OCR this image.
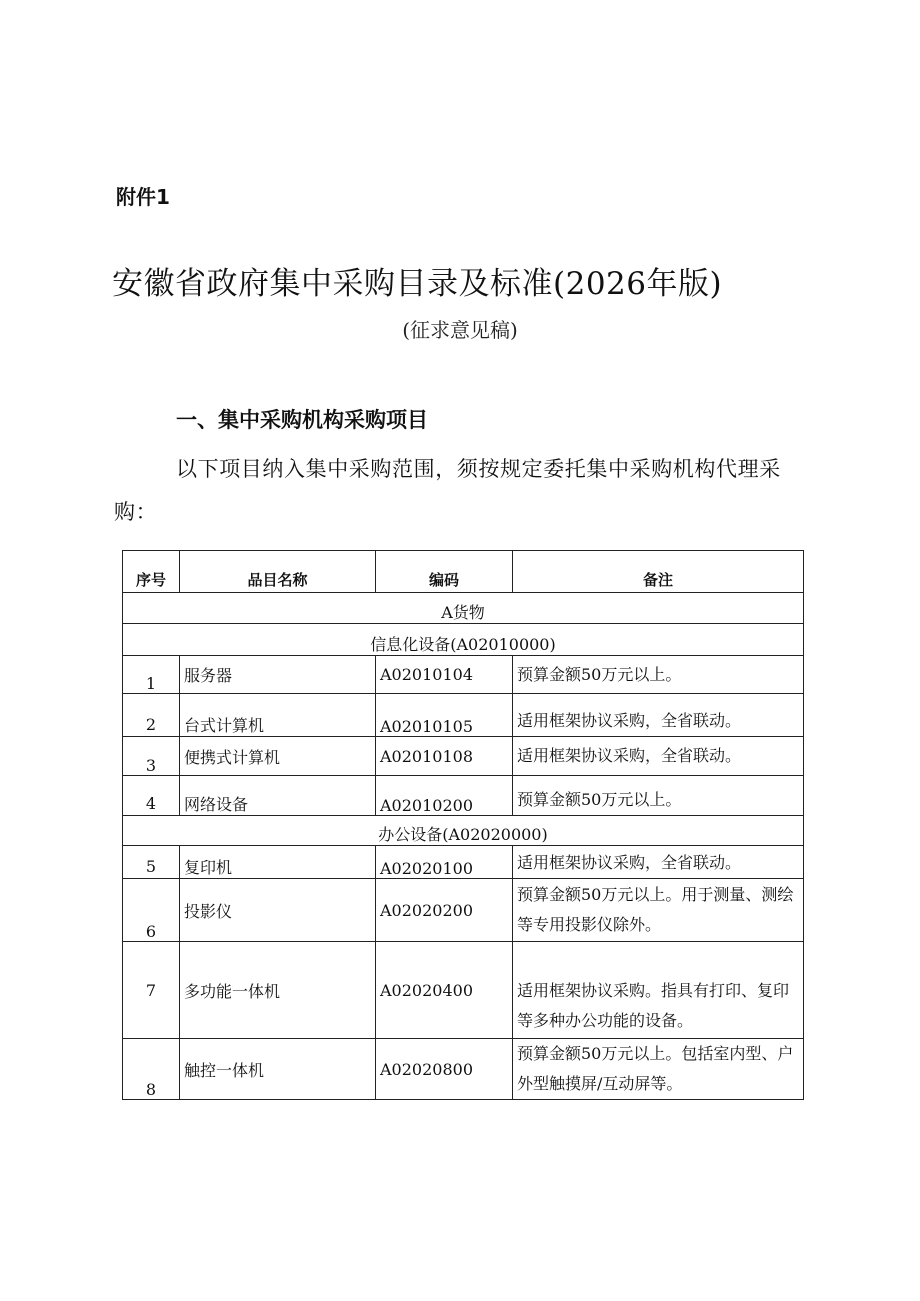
附件1
安徽省政府集中采购目录及标准(2026年版)
(征求意见稿)
一、集中采购机构采购项目
以下项目纳入集中采购范围，须按规定委托集中采购机构代理采购：
序号	品目名称	编码	备注
A货物			
信息化设备(A02010000)			
1	服务器	A02010104	预算金额50万元以上。
2	台式计算机	A02010105	适用框架协议采购，全省联动。
3	便携式计算机	A02010108	适用框架协议采购，全省联动。
4	网络设备	A02010200	预算金额50万元以上。
办公设备(A02020000)			
5	复印机	A02020100	适用框架协议采购，全省联动。
6	投影仪	A02020200	预算金额50万元以上。用于测量、测绘等专用投影仪除外。
7	多功能一体机	A02020400	适用框架协议采购。指具有打印、复印等多种办公功能的设备。
8	触控一体机	A02020800	预算金额50万元以上。包括室内型、户外型触摸屏/互动屏等。
